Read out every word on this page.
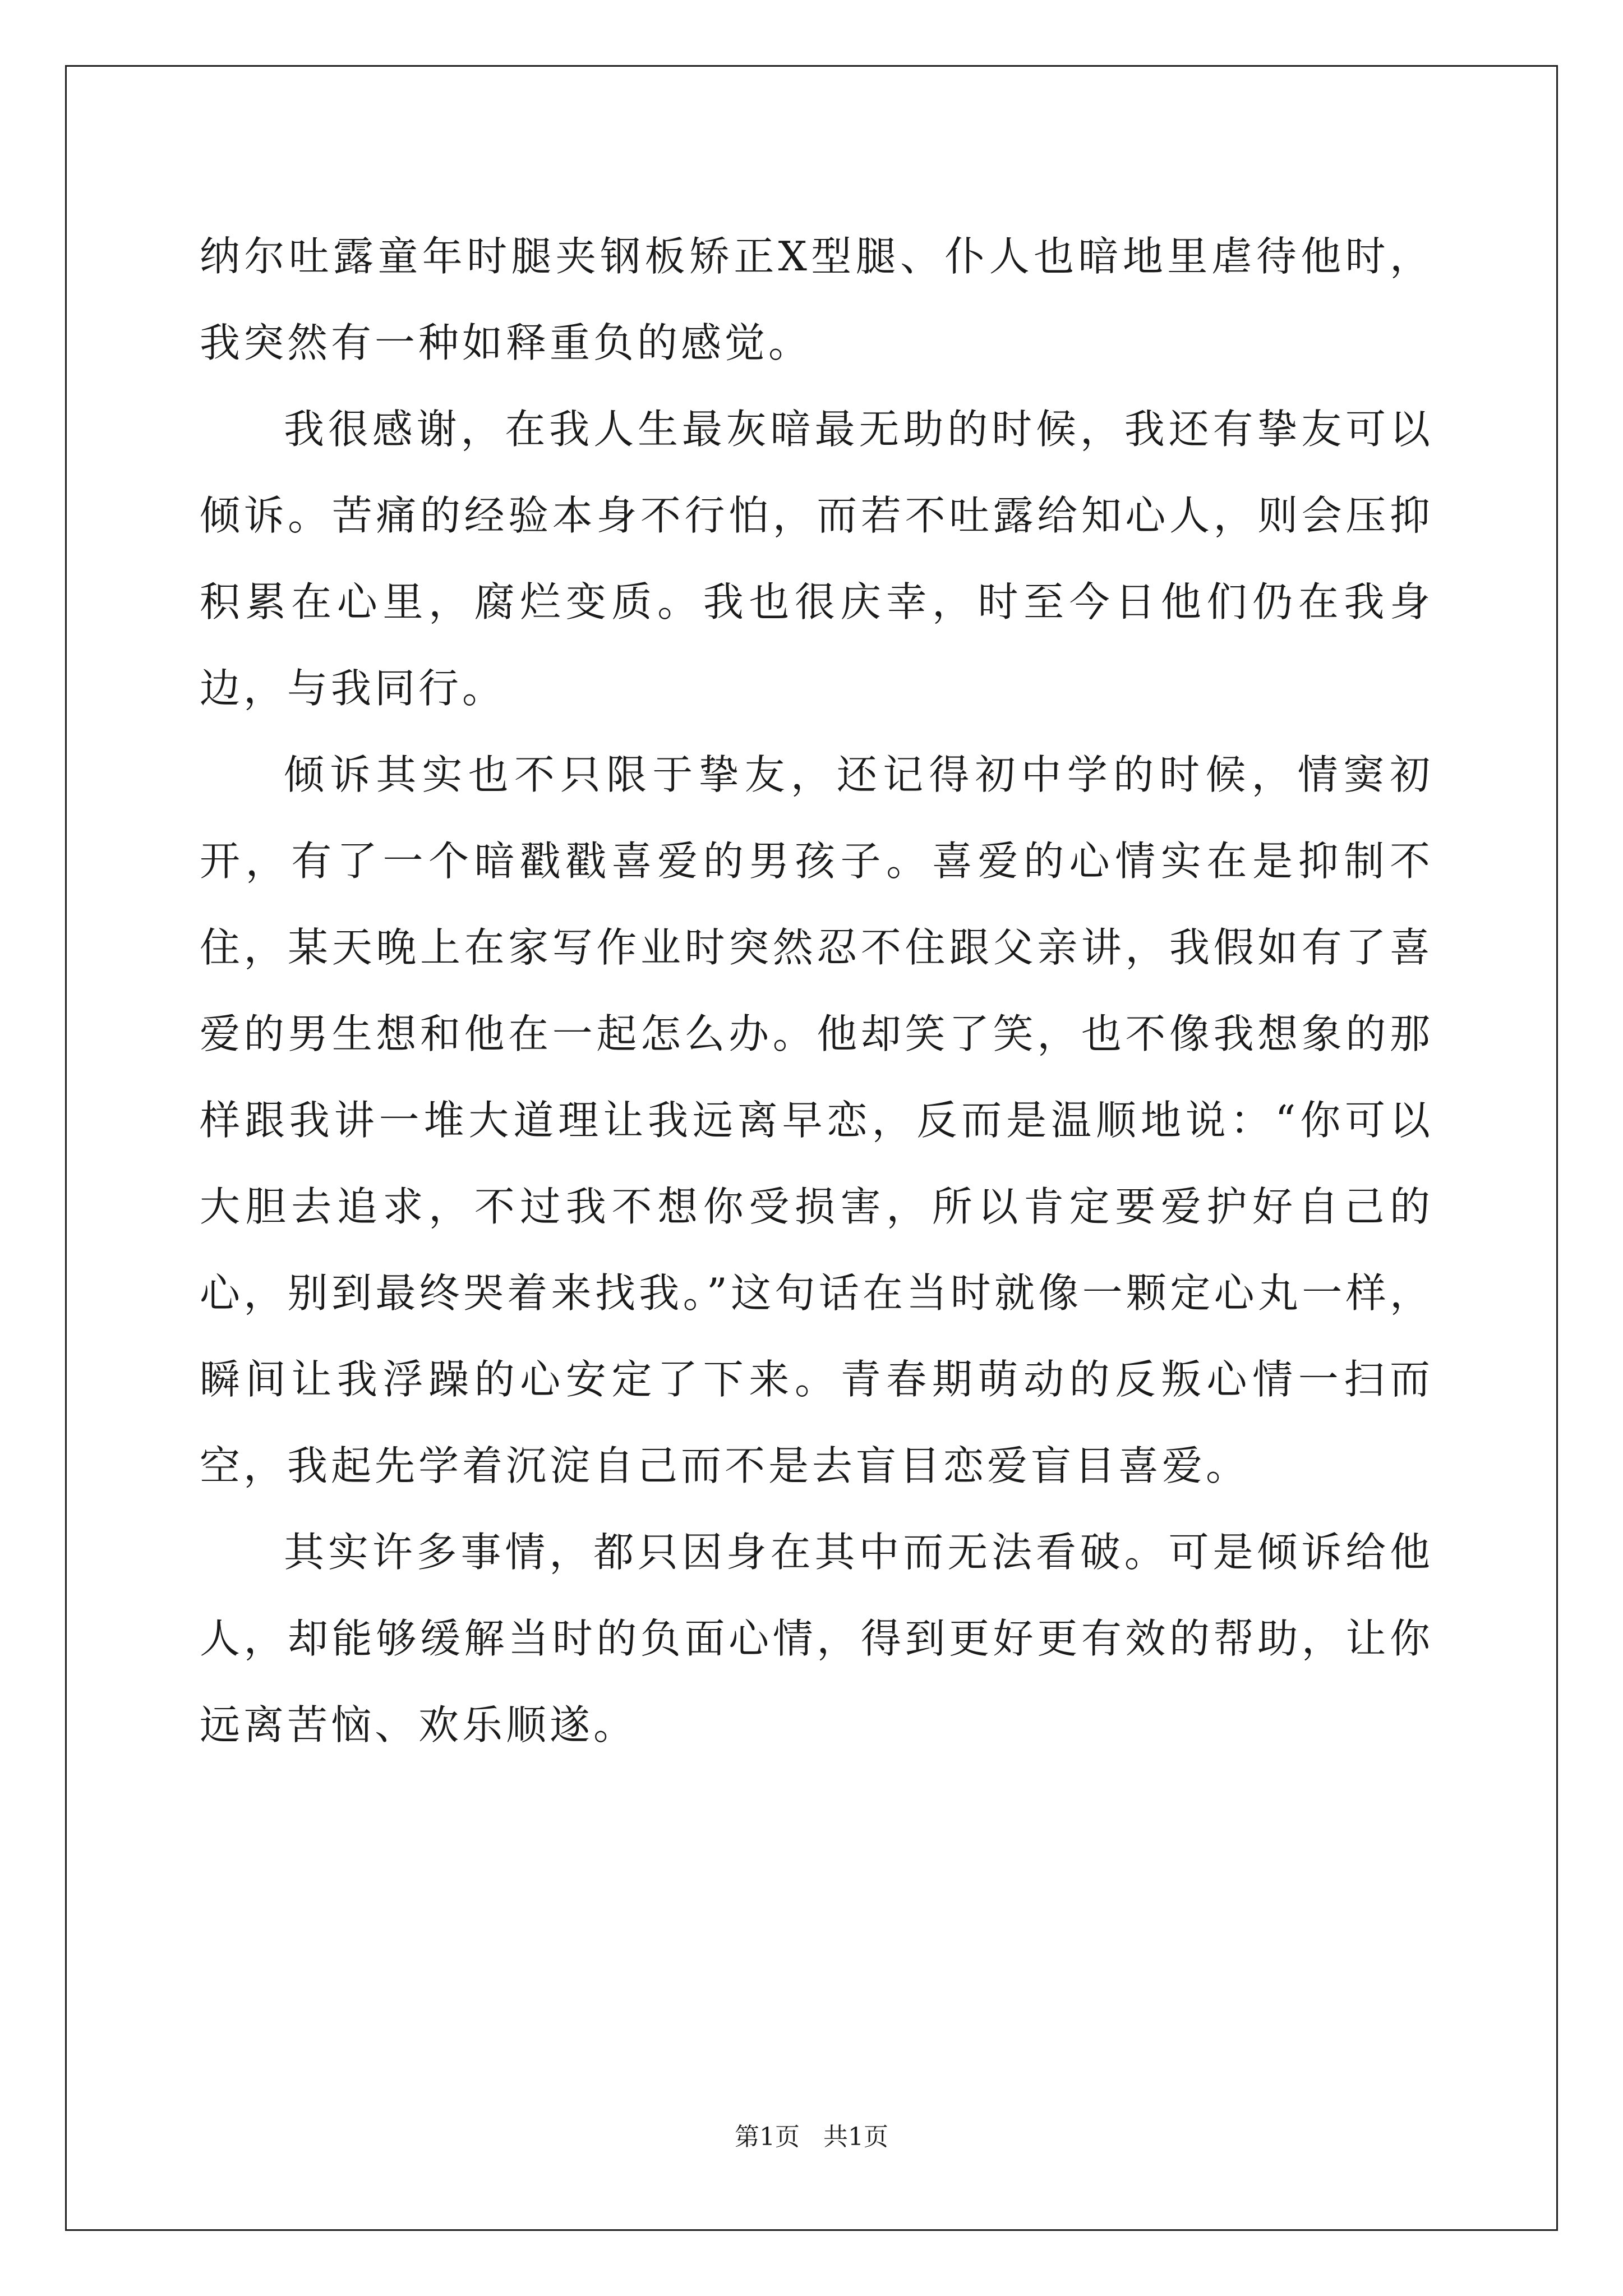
纳尔吐露童年时腿夹钢板矫正X型腿、仆人也暗地里虐待他时，我突然有一种如释重负的感觉。

我很感谢，在我人生最灰暗最无助的时候，我还有挚友可以倾诉。苦痛的经验本身不行怕，而若不吐露给知心人，则会压抑积累在心里，腐烂变质。我也很庆幸，时至今日他们仍在我身边，与我同行。

倾诉其实也不只限于挚友，还记得初中学的时候，情窦初开，有了一个暗戳戳喜爱的男孩子。喜爱的心情实在是抑制不住，某天晚上在家写作业时突然忍不住跟父亲讲，我假如有了喜爱的男生想和他在一起怎么办。他却笑了笑，也不像我想象的那样跟我讲一堆大道理让我远离早恋，反而是温顺地说：“你可以大胆去追求，不过我不想你受损害，所以肯定要爱护好自己的心，别到最终哭着来找我。”这句话在当时就像一颗定心丸一样，瞬间让我浮躁的心安定了下来。青春期萌动的反叛心情一扫而空，我起先学着沉淀自己而不是去盲目恋爱盲目喜爱。

其实许多事情，都只因身在其中而无法看破。可是倾诉给他人，却能够缓解当时的负面心情，得到更好更有效的帮助，让你远离苦恼、欢乐顺遂。

第1页 共1页
